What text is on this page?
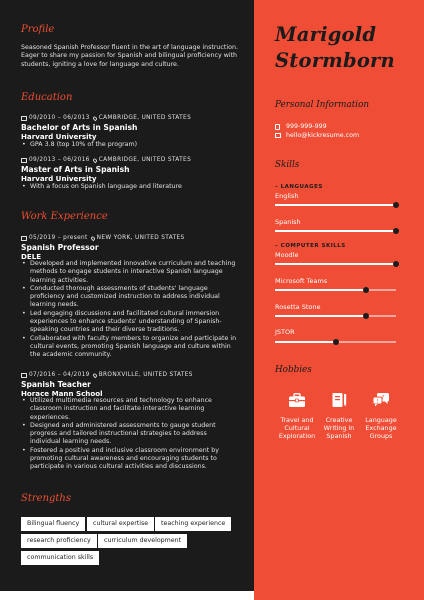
Profile
Seasoned Spanish Professor fluent in the art of language instruction. Eager to share my passion for Spanish and bilingual proficiency with students, igniting a love for language and culture.
Education
09/2010 – 06/2013 CAMBRIDGE, UNITED STATES
Bachelor of Arts in Spanish
Harvard University
• GPA 3.8 (top 10% of the program)
09/2013 – 06/2016 CAMBRIDGE, UNITED STATES
Master of Arts in Spanish
Harvard University
• With a focus on Spanish language and literature
Work Experience
05/2019 – present NEW YORK, UNITED STATES
Spanish Professor
DELE
• Developed and implemented innovative curriculum and teaching methods to engage students in interactive Spanish language learning activities.
• Conducted thorough assessments of students' language proficiency and customized instruction to address individual learning needs.
• Led engaging discussions and facilitated cultural immersion experiences to enhance students' understanding of Spanish-speaking countries and their diverse traditions.
• Collaborated with faculty members to organize and participate in cultural events, promoting Spanish language and culture within the academic community.
07/2016 – 04/2019 BRONXVILLE, UNITED STATES
Spanish Teacher
Horace Mann School
• Utilized multimedia resources and technology to enhance classroom instruction and facilitate interactive learning experiences.
• Designed and administered assessments to gauge student progress and tailored instructional strategies to address individual learning needs.
• Fostered a positive and inclusive classroom environment by promoting cultural awareness and encouraging students to participate in various cultural activities and discussions.
Strengths
Bilingual fluency	cultural expertise	teaching experience
research proficiency	curriculum development
communication skills
Marigold
Stormborn
Personal Information
999-999-999
hello@kickresume.com
Skills
– LANGUAGES
English
Spanish
– COMPUTER SKILLS
Moodle
Microsoft Teams
Rosetta Stone
JSTOR
Hobbies
Travel and Cultural Exploration
Creative Writing in Spanish
?
!
Language Exchange Groups
